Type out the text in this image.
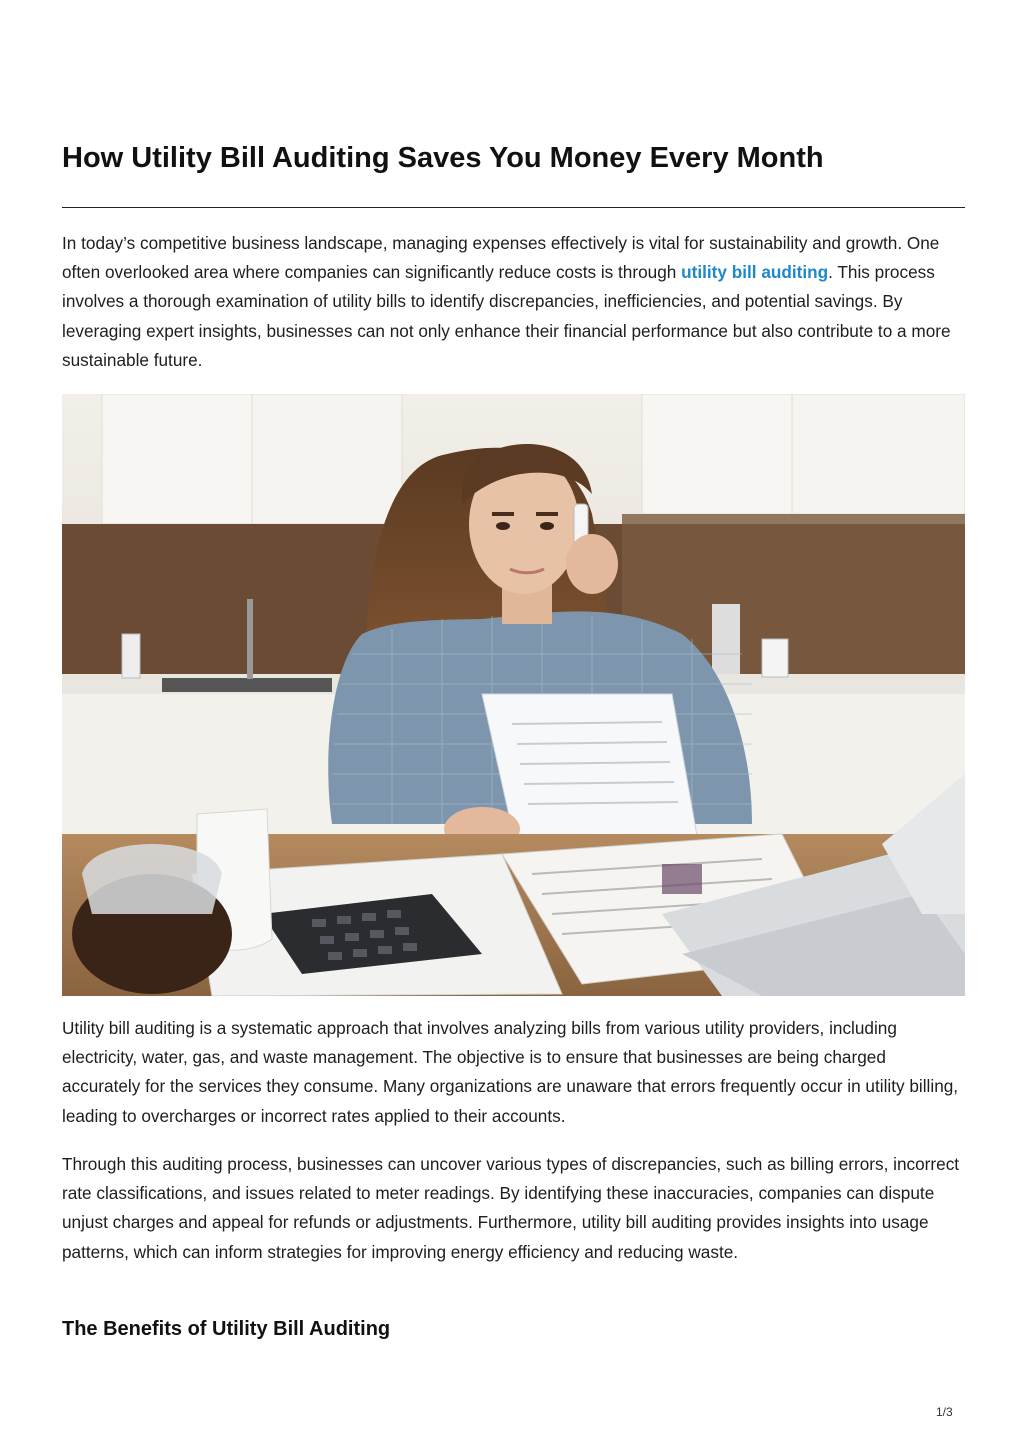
How Utility Bill Auditing Saves You Money Every Month

In today’s competitive business landscape, managing expenses effectively is vital for sustainability and growth. One often overlooked area where companies can significantly reduce costs is through utility bill auditing. This process involves a thorough examination of utility bills to identify discrepancies, inefficiencies, and potential savings. By leveraging expert insights, businesses can not only enhance their financial performance but also contribute to a more sustainable future.

Utility bill auditing is a systematic approach that involves analyzing bills from various utility providers, including electricity, water, gas, and waste management. The objective is to ensure that businesses are being charged accurately for the services they consume. Many organizations are unaware that errors frequently occur in utility billing, leading to overcharges or incorrect rates applied to their accounts.

Through this auditing process, businesses can uncover various types of discrepancies, such as billing errors, incorrect rate classifications, and issues related to meter readings. By identifying these inaccuracies, companies can dispute unjust charges and appeal for refunds or adjustments. Furthermore, utility bill auditing provides insights into usage patterns, which can inform strategies for improving energy efficiency and reducing waste.

The Benefits of Utility Bill Auditing
1/3
